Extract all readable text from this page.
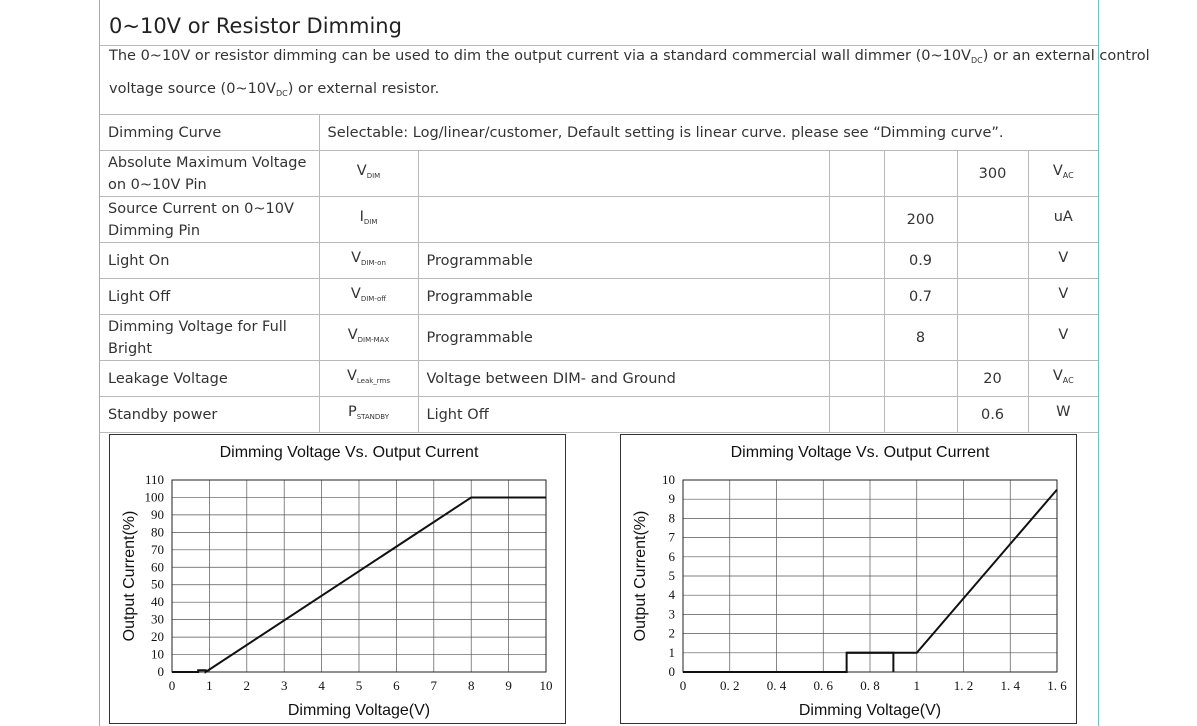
0~10V or Resistor Dimming
The 0~10V or resistor dimming can be used to dim the output current via a standard commercial wall dimmer $(0\sim 10V_{DC})$ or an external control
voltage source $(0\sim 10V_{DC})$ or external resistor.
Dimming Curve	Selectable: Log/linear/customer, Default setting is linear curve. please see “Dimming curve”.					
Absolute Maximum Voltage on 0~10V Pin	$V_{DIM}$				300	$V_{AC}$
Source Current on 0~10V Dimming Pin	$I_{DIM}$			200		uA
Light On	$V_{DIM-on}$	Programmable		0.9		V
Light Off	$V_{DIM-off}$	Programmable		0.7		V
Dimming Voltage for Full Bright	$V_{DIM-MAX}$	Programmable		8		V
Leakage Voltage	$V_{Leak\_rms}$	Voltage between DIM- and Ground			20	$V_{AC}$
Standby power	$P_{STANDBY}$	Light Off			0.6	W
Dimming Voltage Vs. Output Current
0 1 2 3 4 5 6 7 8 9 10
0
10
20
30
40
50
60
70
80
90
100
110
Dimming Voltage(V)
Output Current(%)
Dimming Voltage Vs. Output Current
0	0. 2 0. 4 0. 6 0. 8	1	1. 2 1. 4 1. 6
0
1
2
3
4
5
6
7
8
9
10
Dimming Voltage(V)
Output Current(%)
